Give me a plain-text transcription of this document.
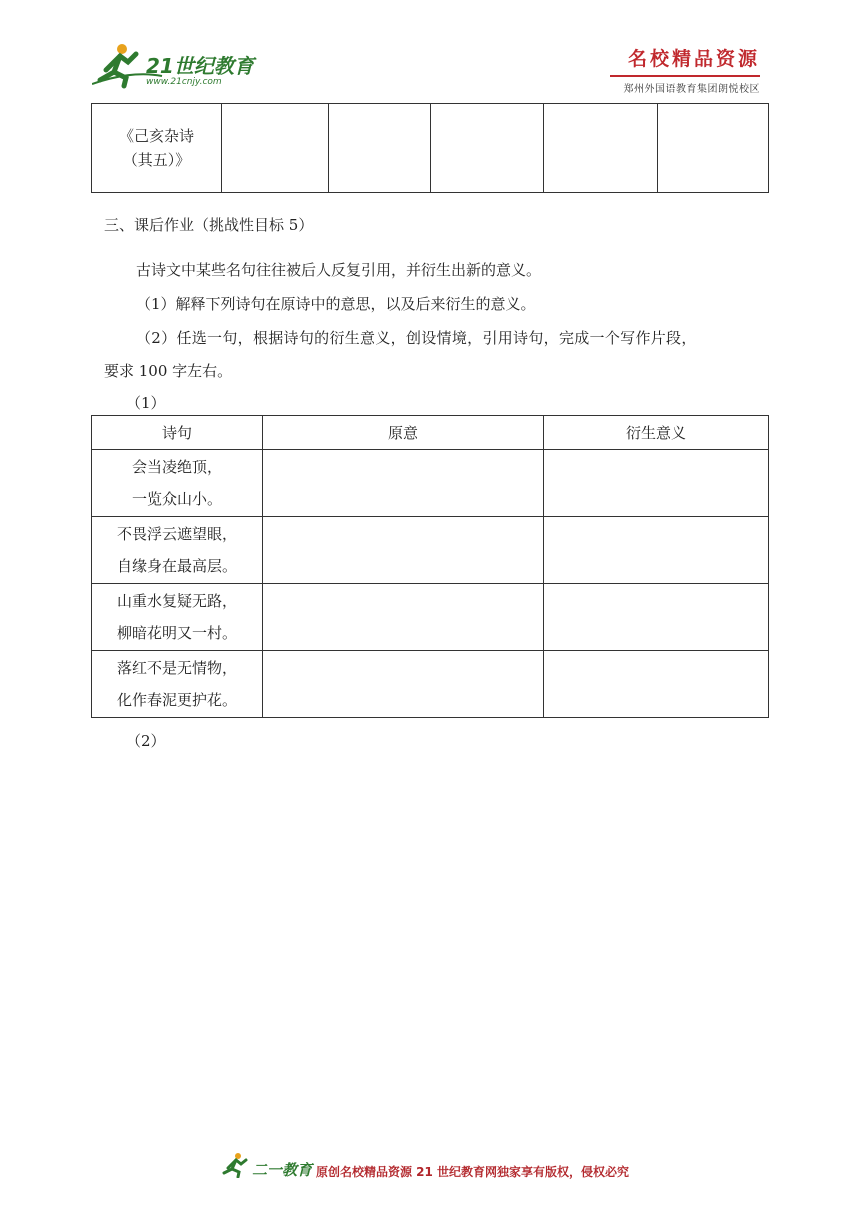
21世纪教育
www.21cnjy.com
名校精品资源
郑州外国语教育集团朗悦校区
《己亥杂诗
（其五）》

三、课后作业（挑战性目标 5）
古诗文中某些名句往往被后人反复引用，并衍生出新的意义。
（1）解释下列诗句在原诗中的意思，以及后来衍生的意义。
（2）任选一句，根据诗句的衍生意义，创设情境，引用诗句，完成一个写作片段，
要求 100 字左右。
（1）
诗句	原意	衍生意义

会当凌绝顶，
一览众山小。		

不畏浮云遮望眼，
自缘身在最高层。		

山重水复疑无路，
柳暗花明又一村。		

落红不是无情物，
化作春泥更护花。		

（2）
二一教育 原创名校精品资源 21 世纪教育网独家享有版权，侵权必究
